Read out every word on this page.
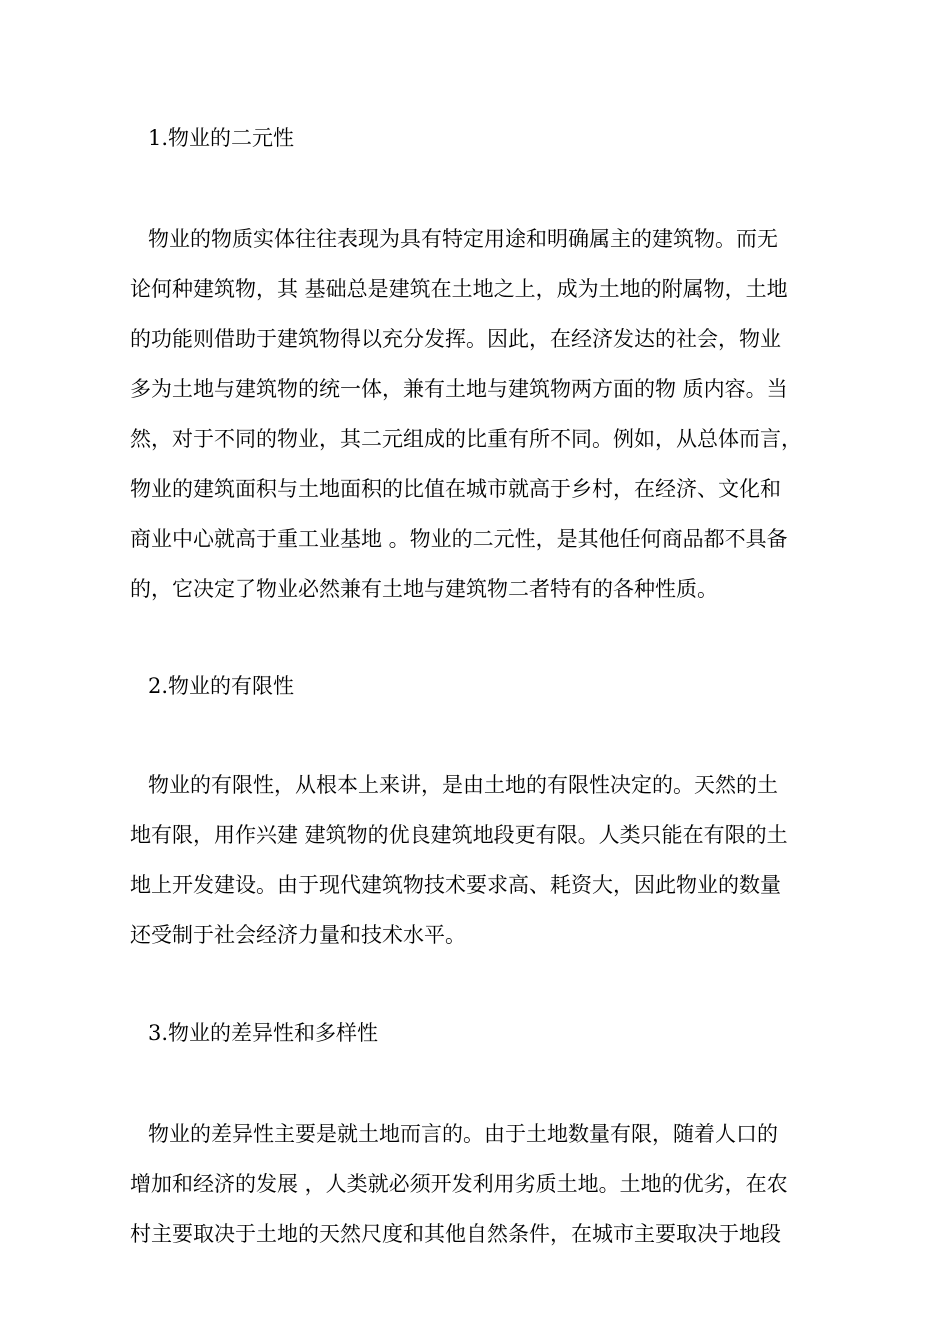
1.物业的二元性
物业的物质实体往往表现为具有特定用途和明确属主的建筑物。而无
论何种建筑物，其 基础总是建筑在土地之上，成为土地的附属物，土地
的功能则借助于建筑物得以充分发挥。因此，在经济发达的社会，物业
多为土地与建筑物的统一体，兼有土地与建筑物两方面的物 质内容。当
然，对于不同的物业，其二元组成的比重有所不同。例如，从总体而言，
物业的建筑面积与土地面积的比值在城市就高于乡村，在经济、文化和
商业中心就高于重工业基地 。物业的二元性，是其他任何商品都不具备
的，它决定了物业必然兼有土地与建筑物二者特有的各种性质。
2.物业的有限性
物业的有限性，从根本上来讲，是由土地的有限性决定的。天然的土
地有限，用作兴建 建筑物的优良建筑地段更有限。人类只能在有限的土
地上开发建设。由于现代建筑物技术要求高、耗资大，因此物业的数量
还受制于社会经济力量和技术水平。
3.物业的差异性和多样性
物业的差异性主要是就土地而言的。由于土地数量有限，随着人口的
增加和经济的发展 ，人类就必须开发利用劣质土地。土地的优劣，在农
村主要取决于土地的天然尺度和其他自然条件，在城市主要取决于地段
